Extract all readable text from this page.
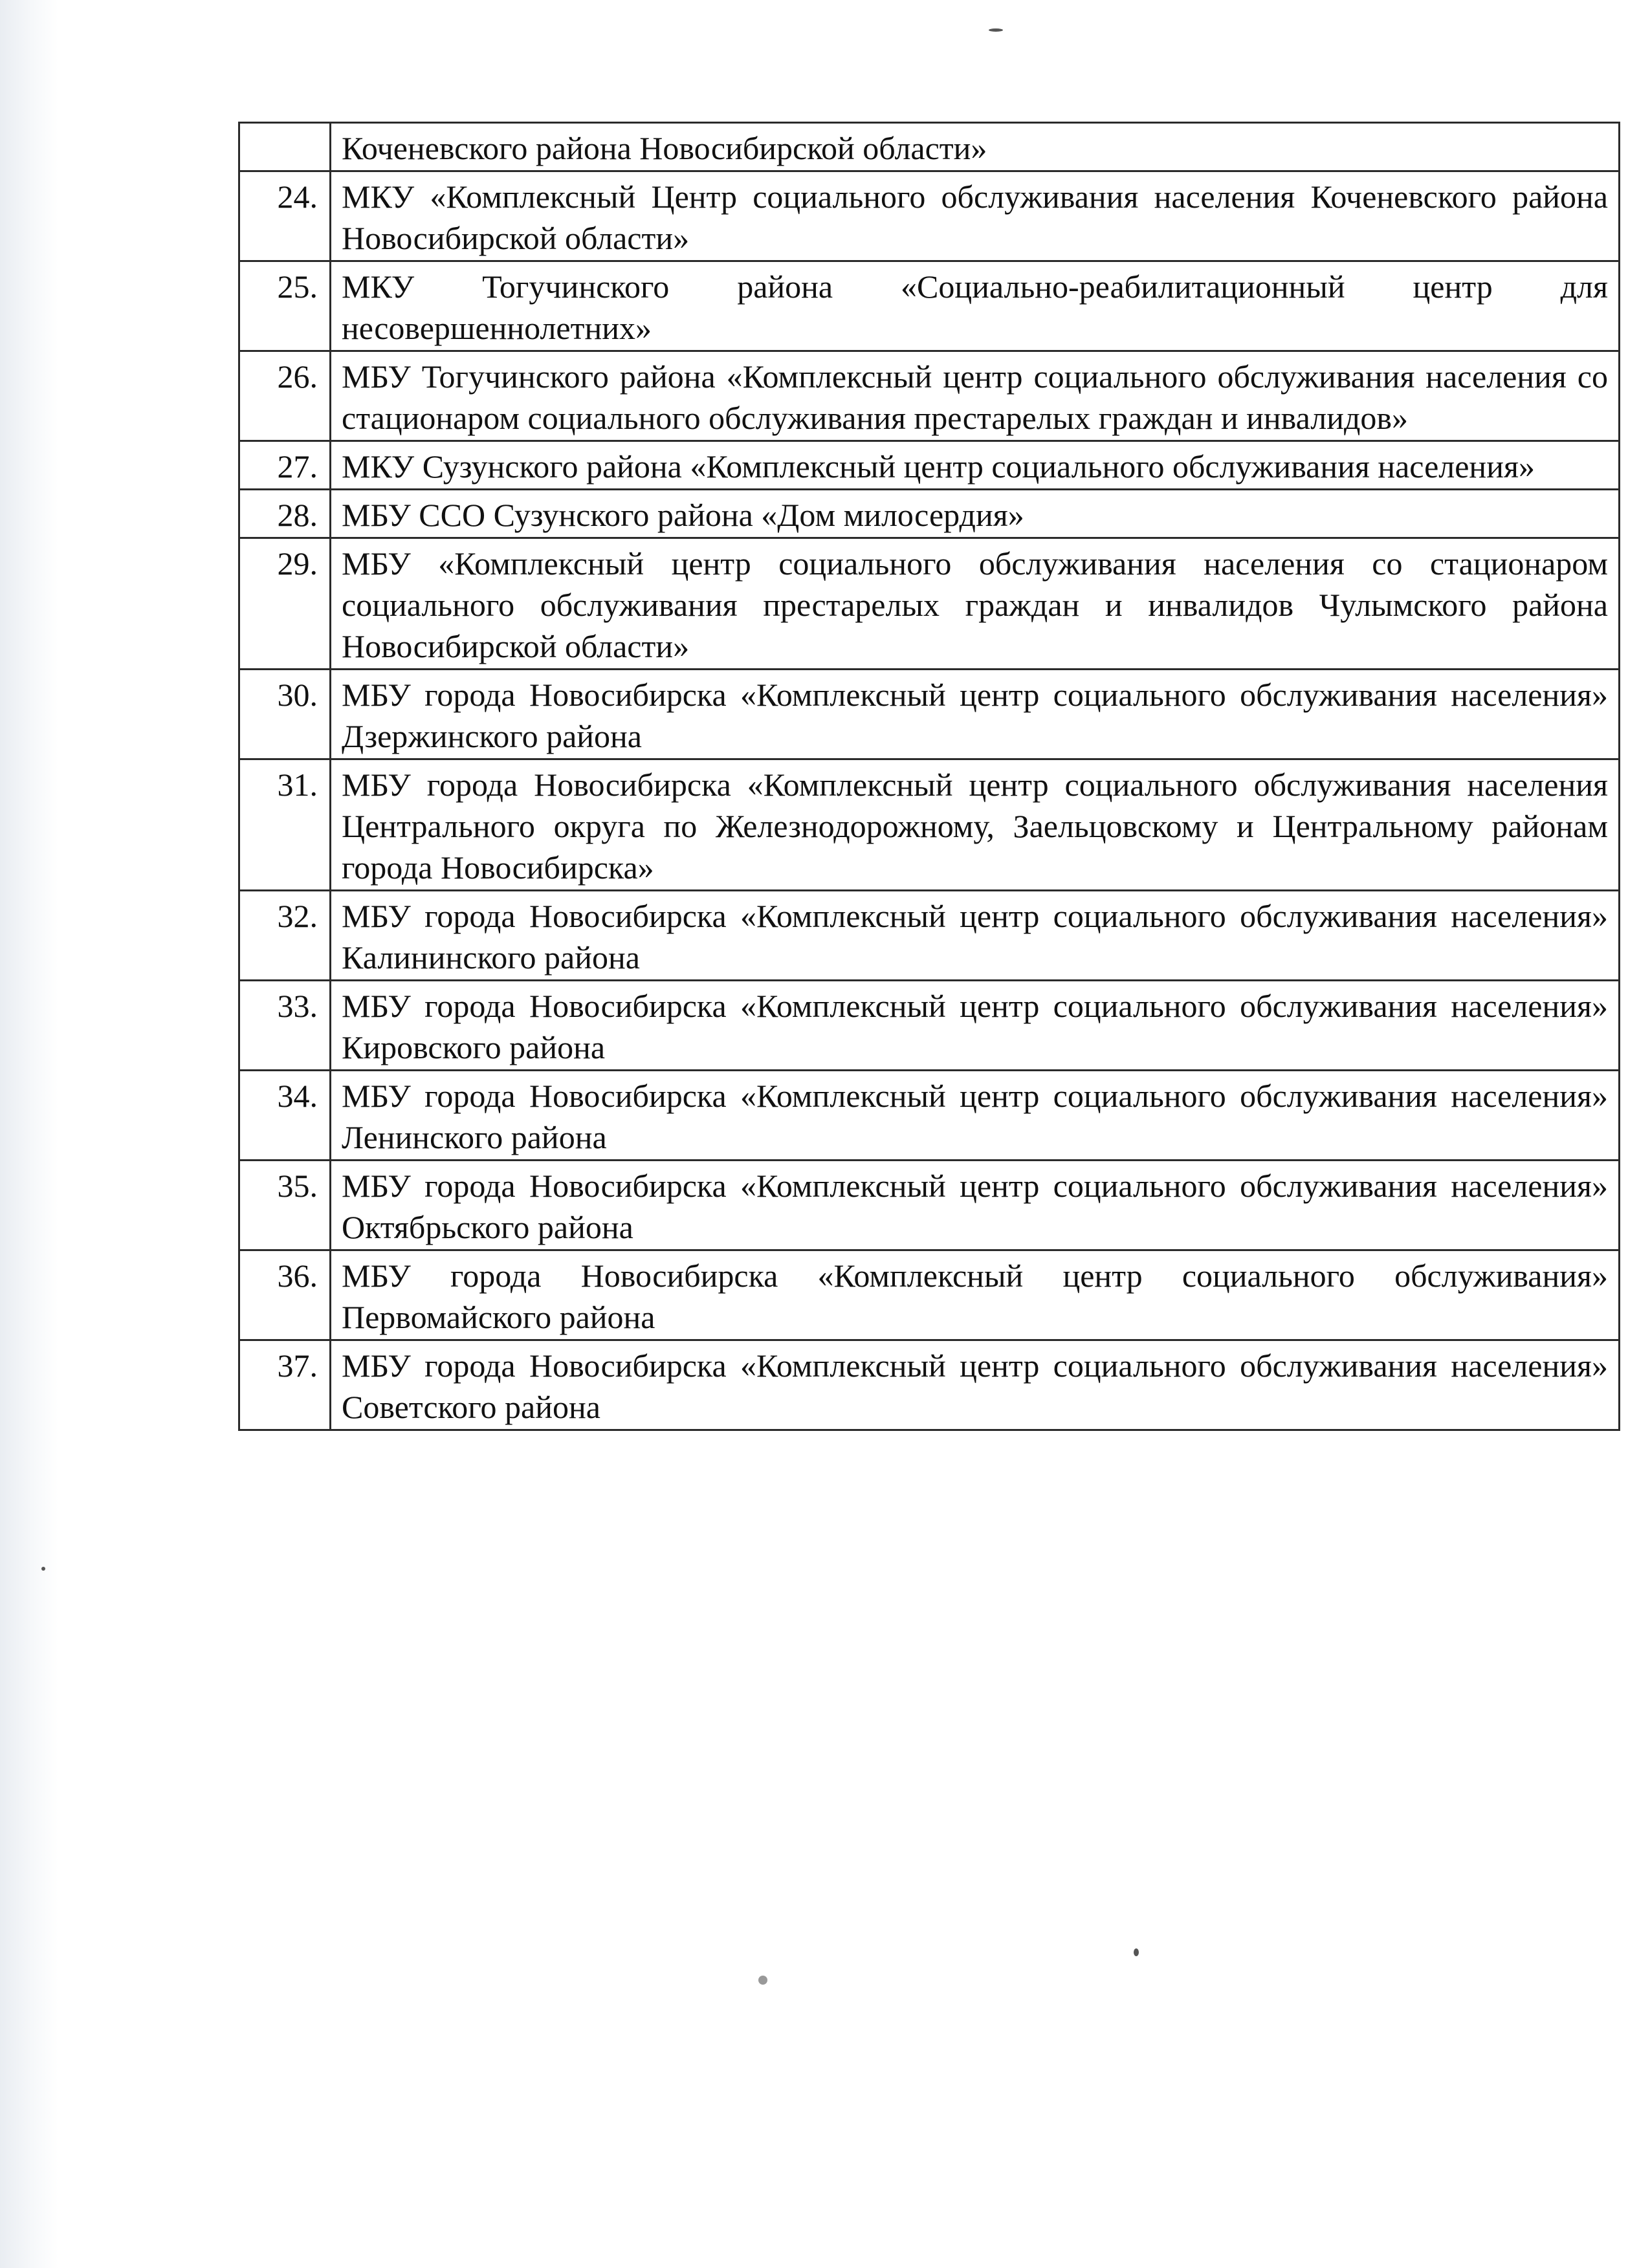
	Коченевского района Новосибирской области»
24.	МКУ «Комплексный Центр социального обслуживания населения Коченевского района Новосибирской области»
25.	МКУ Тогучинского района «Социально-реабилитационный центр для несовершеннолетних»
26.	МБУ Тогучинского района «Комплексный центр социального обслуживания населения со стационаром социального обслуживания престарелых граждан и инвалидов»
27.	МКУ Сузунского района «Комплексный центр социального обслуживания населения»
28.	МБУ ССО Сузунского района «Дом милосердия»
29.	МБУ «Комплексный центр социального обслуживания населения со стационаром социального обслуживания престарелых граждан и инвалидов Чулымского района Новосибирской области»
30.	МБУ города Новосибирска «Комплексный центр социального обслуживания населения» Дзержинского района
31.	МБУ города Новосибирска «Комплексный центр социального обслуживания населения Центрального округа по Железнодорожному, Заельцовскому и Центральному районам города Новосибирска»
32.	МБУ города Новосибирска «Комплексный центр социального обслуживания населения» Калининского района
33.	МБУ города Новосибирска «Комплексный центр социального обслуживания населения» Кировского района
34.	МБУ города Новосибирска «Комплексный центр социального обслуживания населения» Ленинского района
35.	МБУ города Новосибирска «Комплексный центр социального обслуживания населения» Октябрьского района
36.	МБУ города Новосибирска «Комплексный центр социального обслуживания» Первомайского района
37.	МБУ города Новосибирска «Комплексный центр социального обслуживания населения» Советского района
